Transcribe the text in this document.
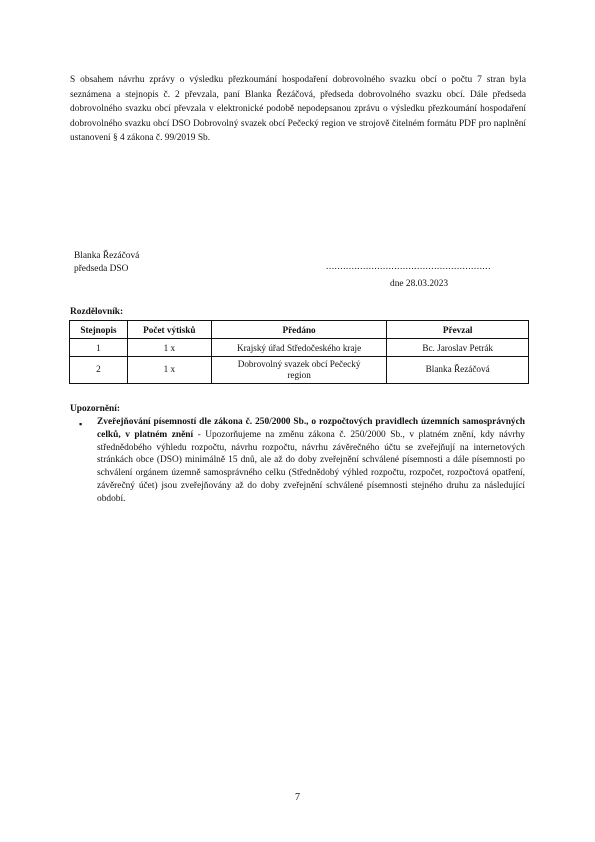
S obsahem návrhu zprávy o výsledku přezkoumání hospodaření dobrovolného svazku obcí o počtu 7 stran byla seznámena a stejnopis č. 2 převzala, paní Blanka Řezáčová, předseda dobrovolného svazku obcí. Dále předseda dobrovolného svazku obcí převzala v elektronické podobě nepodepsanou zprávu o výsledku přezkoumání hospodaření dobrovolného svazku obcí DSO Dobrovolný svazek obcí Pečecký region ve strojově čitelném formátu PDF pro naplnění ustanovení § 4 zákona č. 99/2019 Sb.

Blanka Řezáčová
předseda DSO	..........................................................
dne 28.03.2023
Rozdělovník:
Stejnopis	Počet výtisků	Předáno	Převzal
1	1 x	Krajský úřad Středočeského kraje	Bc. Jaroslav Petrák
2	1 x	Dobrovolný svazek obcí Pečecký region	Blanka Řezáčová
Upozornění:
▪ Zveřejňování písemností dle zákona č. 250/2000 Sb., o rozpočtových pravidlech územních samosprávných celků, v platném znění - Upozorňujeme na změnu zákona č. 250/2000 Sb., v platném znění, kdy návrhy střednědobého výhledu rozpočtu, návrhu rozpočtu, návrhu závěrečného účtu se zveřejňují na internetových stránkách obce (DSO) minimálně 15 dnů, ale až do doby zveřejnění schválené písemnosti a dále písemnosti po schválení orgánem územně samosprávného celku (Střednědobý výhled rozpočtu, rozpočet, rozpočtová opatření, závěrečný účet) jsou zveřejňovány až do doby zveřejnění schválené písemnosti stejného druhu za následující období.

7
